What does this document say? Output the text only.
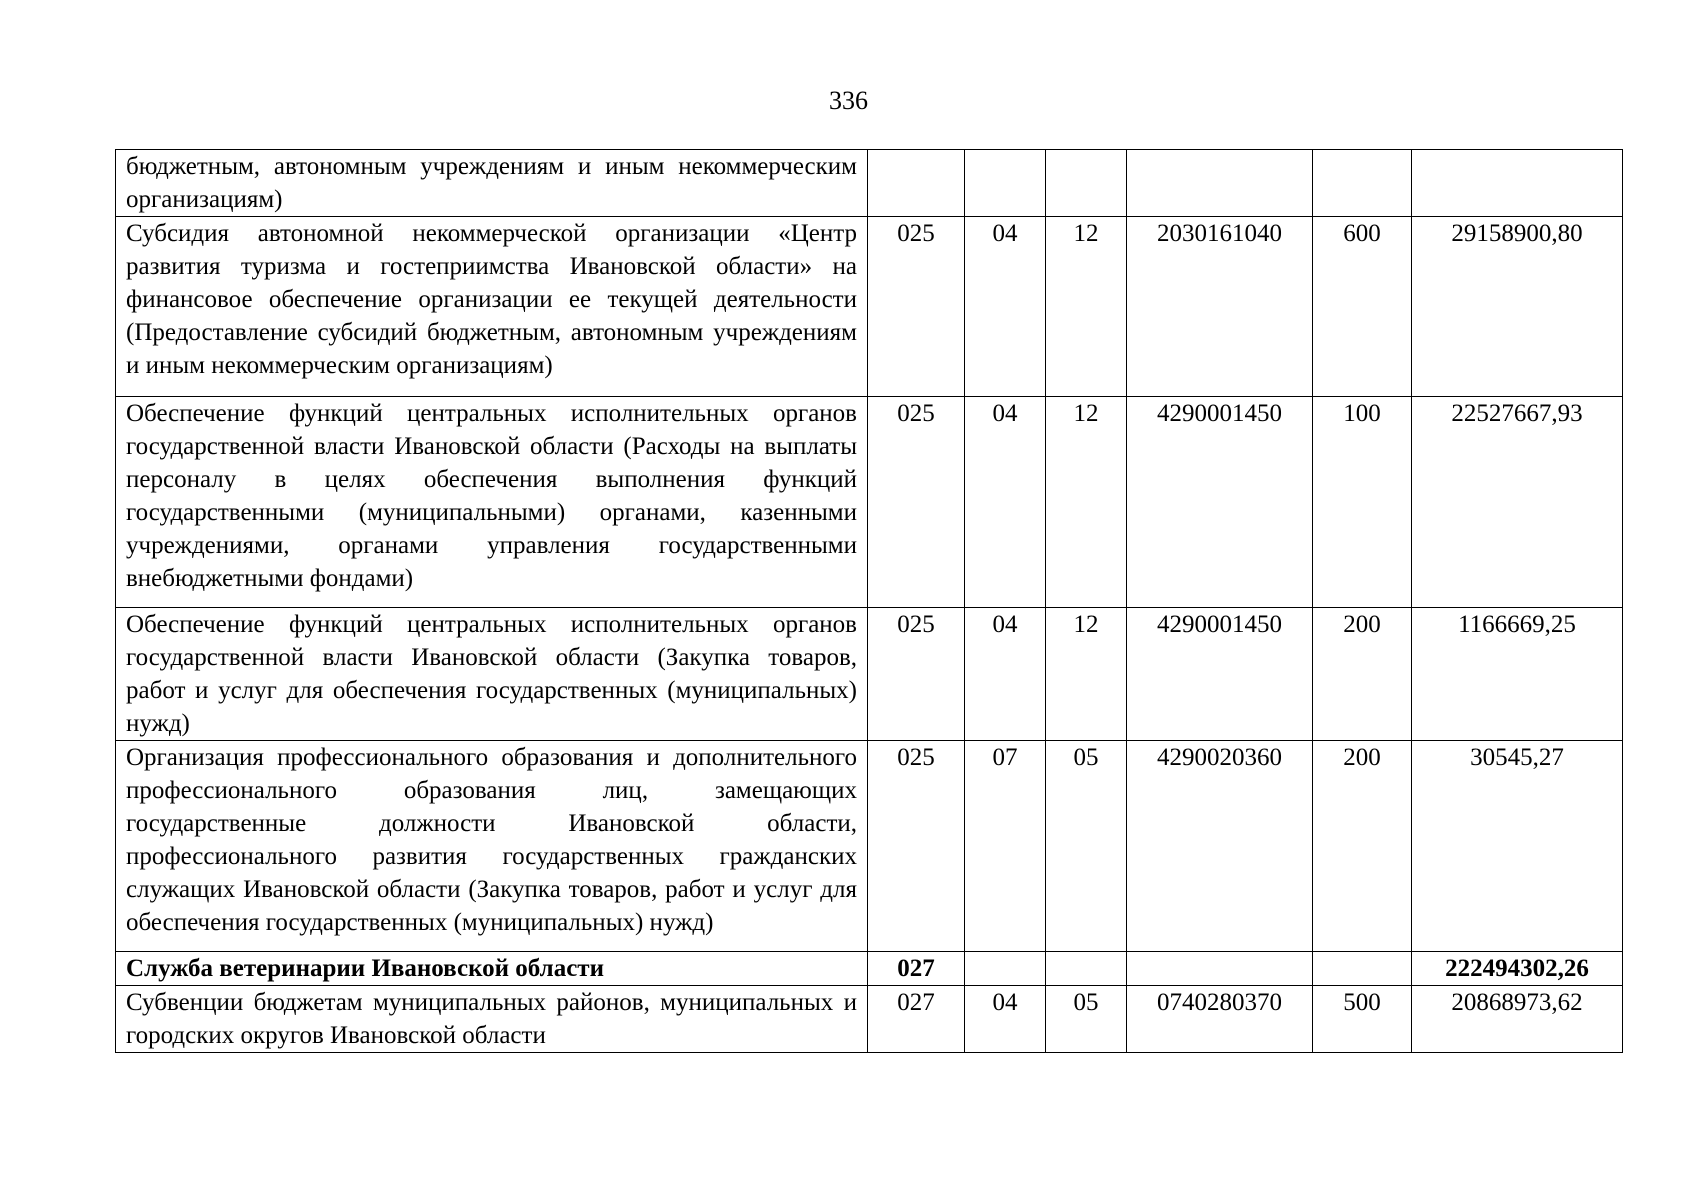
336
бюджетным, автономным учреждениям и иным некоммерческим организациям)						
Субсидия автономной некоммерческой организации «Центр развития туризма и гостеприимства Ивановской области» на финансовое обеспечение организации ее текущей деятельности (Предоставление субсидий бюджетным, автономным учреждениям и иным некоммерческим организациям)	025	04	12	2030161040	600	29158900,80
Обеспечение функций центральных исполнительных органов государственной власти Ивановской области (Расходы на выплаты персоналу в целях обеспечения выполнения функций государственными (муниципальными) органами, казенными учреждениями, органами управления государственными внебюджетными фондами)	025	04	12	4290001450	100	22527667,93
Обеспечение функций центральных исполнительных органов государственной власти Ивановской области (Закупка товаров, работ и услуг для обеспечения государственных (муниципальных) нужд)	025	04	12	4290001450	200	1166669,25
Организация профессионального образования и дополнительного профессионального образования лиц, замещающих государственные должности Ивановской области, профессионального развития государственных гражданских служащих Ивановской области (Закупка товаров, работ и услуг для обеспечения государственных (муниципальных) нужд)	025	07	05	4290020360	200	30545,27
Служба ветеринарии Ивановской области	027					222494302,26
Субвенции бюджетам муниципальных районов, муниципальных и городских округов Ивановской области	027	04	05	0740280370	500	20868973,62
